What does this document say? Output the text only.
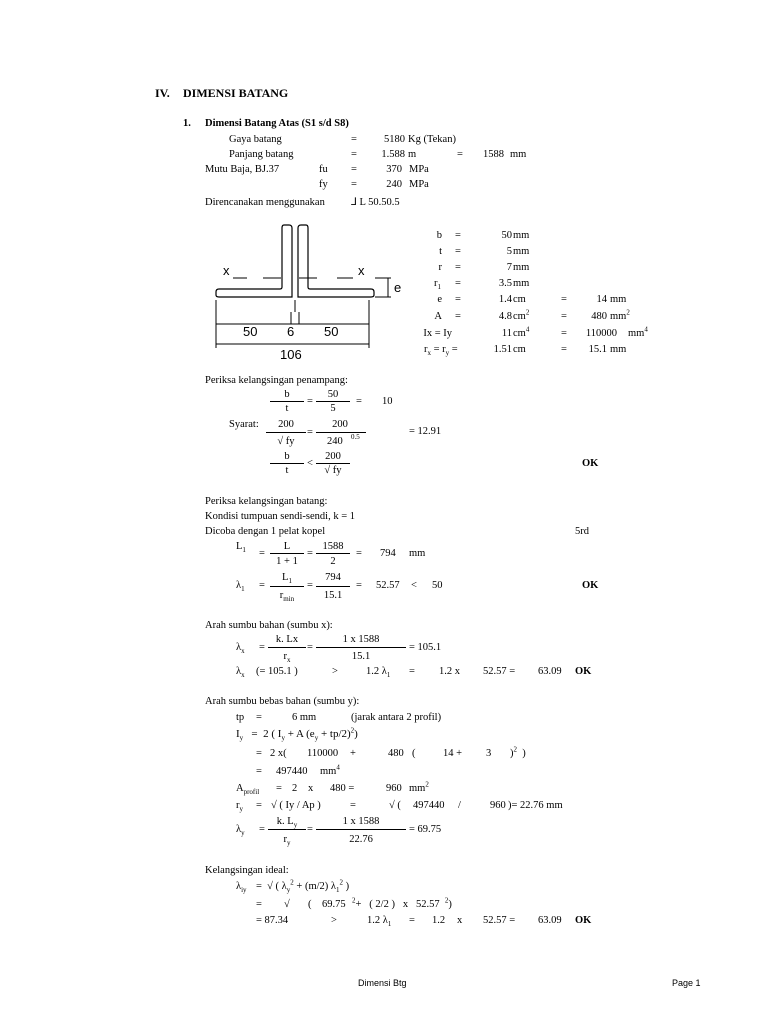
IV. DIMENSI BATANG
1. Dimensi Batang Atas (S1 s/d S8)
Gaya batang	=	5180 Kg (Tekan)
Panjang batang	=	1.588 m	= 1588 mm
Mutu Baja, BJ.37	fu =	370 MPa
fy =	240 MPa
Direncanakan menggunakan ⅃ L 50.50.5
x	x
e
50 6 50
106
b =	50 mm
t =	5 mm
r =	7 mm
$r_1$ =	3.5 mm
e =	1.4 cm	=	14 mm
A =	4.8 $cm^2$	=	480 $mm^2$
Ix = Iy	11 $cm^4$	=	110000 $mm^4$
$r_x = r_y$ =	1.51 cm	=	15.1 mm
Periksa kelangsingan penampang:
b
t
=
50
5
= 10
Syarat:	200
√ fy
=
200
240 0.5	= 12.91
b
t
<
200
√ fy
OK
Periksa kelangsingan batang:
Kondisi tumpuan sendi-sendi, k = 1
Dicoba dengan 1 pelat kopel	5rd
$L_1$ =
L
1 + 1
=
1588
2
= 794 mm
$\lambda_1$ =
$L_1$
$r_{min}$
=
794
15.1
= 52.57 < 50	OK
Arah sumbu bahan (sumbu x):
$\lambda_x$ =
k. Lx
$r_x$
=
1 x 1588
15.1
= 105.1
$\lambda_x$ (= 105.1 )	>	1.2 $\lambda_1 = 1.2$ x 52.57 = 63.09 OK
Arah sumbu bebas bahan (sumbu y):
tp =	6 mm	(jarak antara 2 profil)
$I_y = 2$ ( $I_y + A$ $(e_y + tp/2)^2$)
= 2 x( 110000 +	480 (	14 + 3 )$^2$  )
= 497440 $mm^4$
$A_{profil} = 2$ x 480 =	960 $mm^2$
$r_y$ = √ ( Iy / Ap )	=	√ ( 497440 /	960 )= 22.76 mm
$\lambda_y$ =
k. $L_y$
$r_y$
=
1 x 1588
22.76
= 69.75
Kelangsingan ideal:
$\lambda_{iy}$ =  √ ( $\lambda_y^2 + (m/2)$ $\lambda_1^2$ )
= √ ( 69.75 $^2$+   ( 2/2 )   x   52.57  $^2$)
= 87.34	>	1.2 $\lambda_1 = 1.2$ x 52.57 = 63.09 OK
Dimensi Btg	Page 1
